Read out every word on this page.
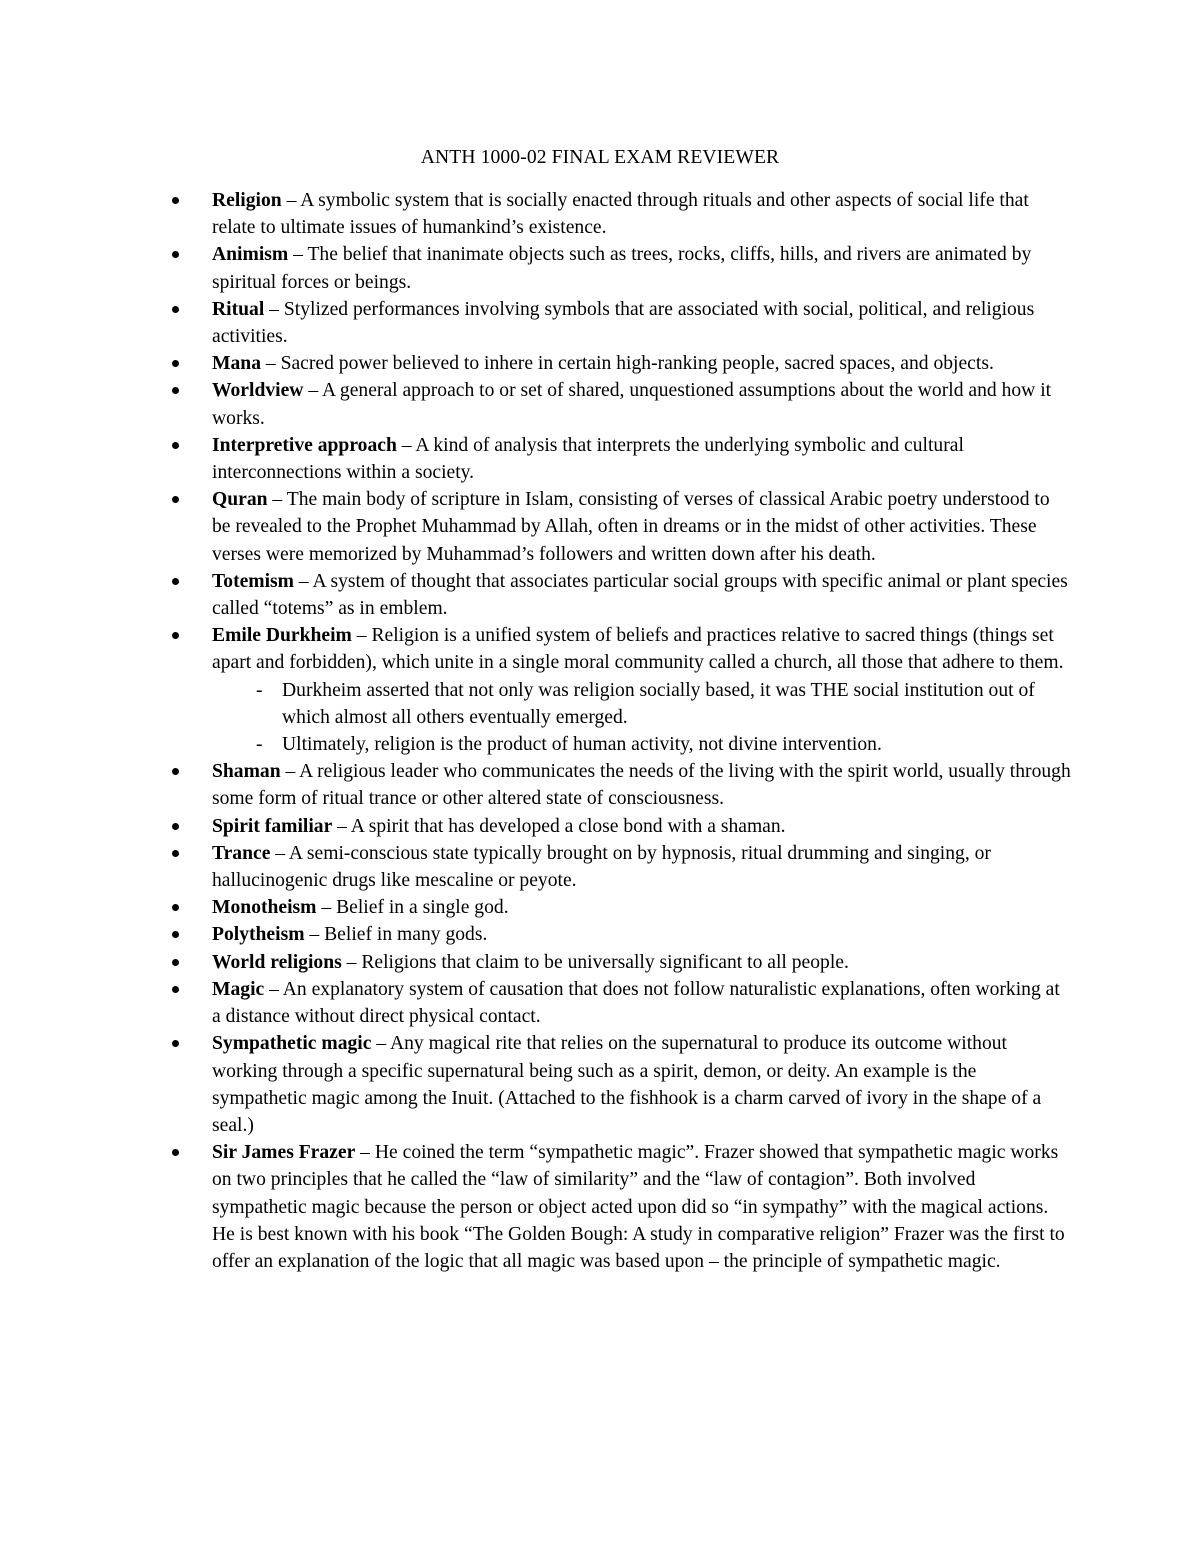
ANTH 1000-02 FINAL EXAM REVIEWER
Religion – A symbolic system that is socially enacted through rituals and other aspects of social life that relate to ultimate issues of humankind’s existence.
Animism – The belief that inanimate objects such as trees, rocks, cliffs, hills, and rivers are animated by spiritual forces or beings.
Ritual – Stylized performances involving symbols that are associated with social, political, and religious activities.
Mana – Sacred power believed to inhere in certain high-ranking people, sacred spaces, and objects.
Worldview – A general approach to or set of shared, unquestioned assumptions about the world and how it works.
Interpretive approach – A kind of analysis that interprets the underlying symbolic and cultural interconnections within a society.
Quran – The main body of scripture in Islam, consisting of verses of classical Arabic poetry understood to be revealed to the Prophet Muhammad by Allah, often in dreams or in the midst of other activities. These verses were memorized by Muhammad’s followers and written down after his death.
Totemism – A system of thought that associates particular social groups with specific animal or plant species called “totems” as in emblem.
Emile Durkheim – Religion is a unified system of beliefs and practices relative to sacred things (things set apart and forbidden), which unite in a single moral community called a church, all those that adhere to them.
- Durkheim asserted that not only was religion socially based, it was THE social institution out of which almost all others eventually emerged.
- Ultimately, religion is the product of human activity, not divine intervention.
Shaman – A religious leader who communicates the needs of the living with the spirit world, usually through some form of ritual trance or other altered state of consciousness.
Spirit familiar – A spirit that has developed a close bond with a shaman.
Trance – A semi-conscious state typically brought on by hypnosis, ritual drumming and singing, or hallucinogenic drugs like mescaline or peyote.
Monotheism – Belief in a single god.
Polytheism – Belief in many gods.
World religions – Religions that claim to be universally significant to all people.
Magic – An explanatory system of causation that does not follow naturalistic explanations, often working at a distance without direct physical contact.
Sympathetic magic – Any magical rite that relies on the supernatural to produce its outcome without working through a specific supernatural being such as a spirit, demon, or deity. An example is the sympathetic magic among the Inuit. (Attached to the fishhook is a charm carved of ivory in the shape of a seal.)
Sir James Frazer – He coined the term “sympathetic magic”. Frazer showed that sympathetic magic works on two principles that he called the “law of similarity” and the “law of contagion”. Both involved sympathetic magic because the person or object acted upon did so “in sympathy” with the magical actions. He is best known with his book “The Golden Bough: A study in comparative religion” Frazer was the first to offer an explanation of the logic that all magic was based upon – the principle of sympathetic magic.
